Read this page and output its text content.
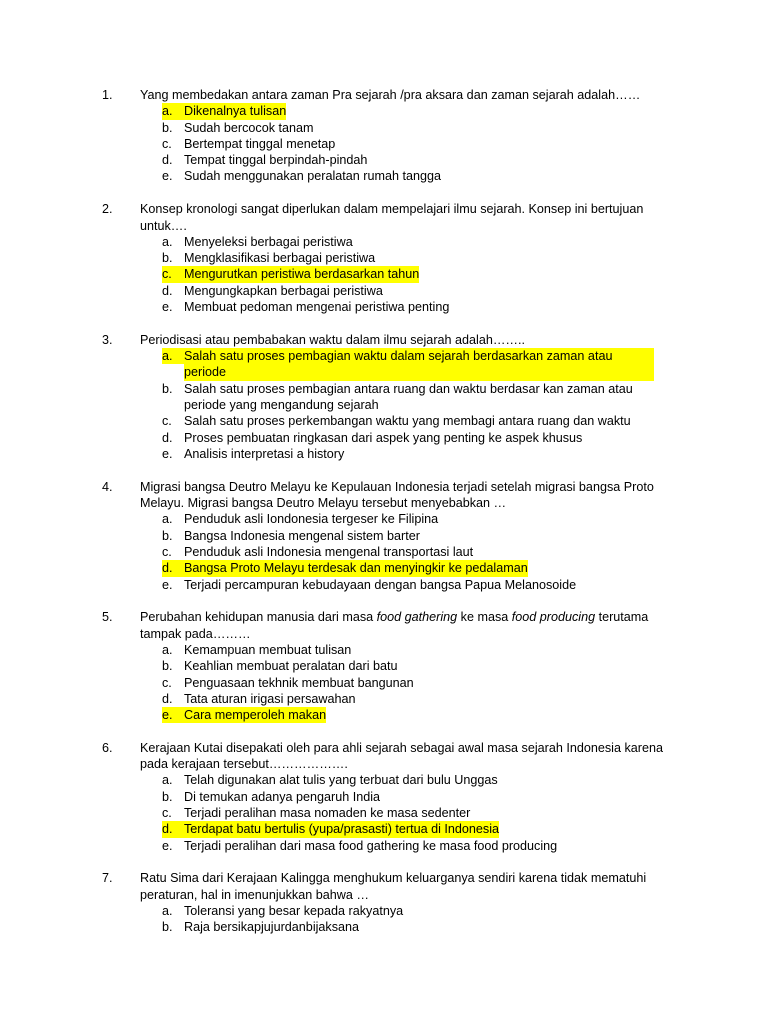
1.	Yang membedakan antara zaman Pra sejarah /pra aksara dan zaman sejarah adalah……
a. Dikenalnya tulisan
b. Sudah bercocok tanam
c. Bertempat tinggal menetap
d. Tempat tinggal berpindah-pindah
e. Sudah menggunakan peralatan rumah tangga
2.	Konsep kronologi sangat diperlukan dalam mempelajari ilmu sejarah. Konsep ini bertujuan untuk….
a. Menyeleksi berbagai peristiwa
b. Mengklasifikasi berbagai peristiwa
c. Mengurutkan peristiwa berdasarkan tahun
d. Mengungkapkan berbagai peristiwa
e. Membuat pedoman mengenai peristiwa penting
3.	Periodisasi atau pembabakan waktu dalam ilmu sejarah adalah……..
a. Salah satu proses pembagian waktu dalam sejarah berdasarkan zaman atau periode
b. Salah satu proses pembagian antara ruang dan waktu berdasar kan zaman atau periode yang mengandung sejarah
c. Salah satu proses perkembangan waktu yang membagi antara ruang dan waktu
d. Proses pembuatan ringkasan dari aspek yang penting ke aspek khusus
e. Analisis interpretasi a history
4.	Migrasi bangsa Deutro Melayu ke Kepulauan Indonesia terjadi setelah migrasi bangsa Proto Melayu. Migrasi bangsa Deutro Melayu tersebut menyebabkan …
a. Penduduk asli Iondonesia tergeser ke Filipina
b. Bangsa Indonesia mengenal sistem barter
c. Penduduk asli Indonesia mengenal transportasi laut
d. Bangsa Proto Melayu terdesak dan menyingkir ke pedalaman
e. Terjadi percampuran kebudayaan dengan bangsa Papua Melanosoide
5.	Perubahan kehidupan manusia dari masa food gathering ke masa food producing terutama tampak pada………
a. Kemampuan membuat tulisan
b. Keahlian membuat peralatan dari batu
c. Penguasaan tekhnik membuat bangunan
d. Tata aturan irigasi persawahan
e. Cara memperoleh makan
6.	Kerajaan Kutai disepakati oleh para ahli sejarah sebagai awal masa sejarah Indonesia karena pada kerajaan tersebut……………….
a. Telah digunakan alat tulis yang terbuat dari bulu Unggas
b. Di temukan adanya pengaruh India
c. Terjadi peralihan masa nomaden ke masa sedenter
d. Terdapat batu bertulis (yupa/prasasti) tertua di Indonesia
e. Terjadi peralihan dari masa food gathering ke masa food producing
7.	Ratu Sima dari Kerajaan Kalingga menghukum keluarganya sendiri karena tidak mematuhi peraturan, hal in imenunjukkan bahwa …
a. Toleransi yang besar kepada rakyatnya
b. Raja bersikapjujurdanbijaksana
